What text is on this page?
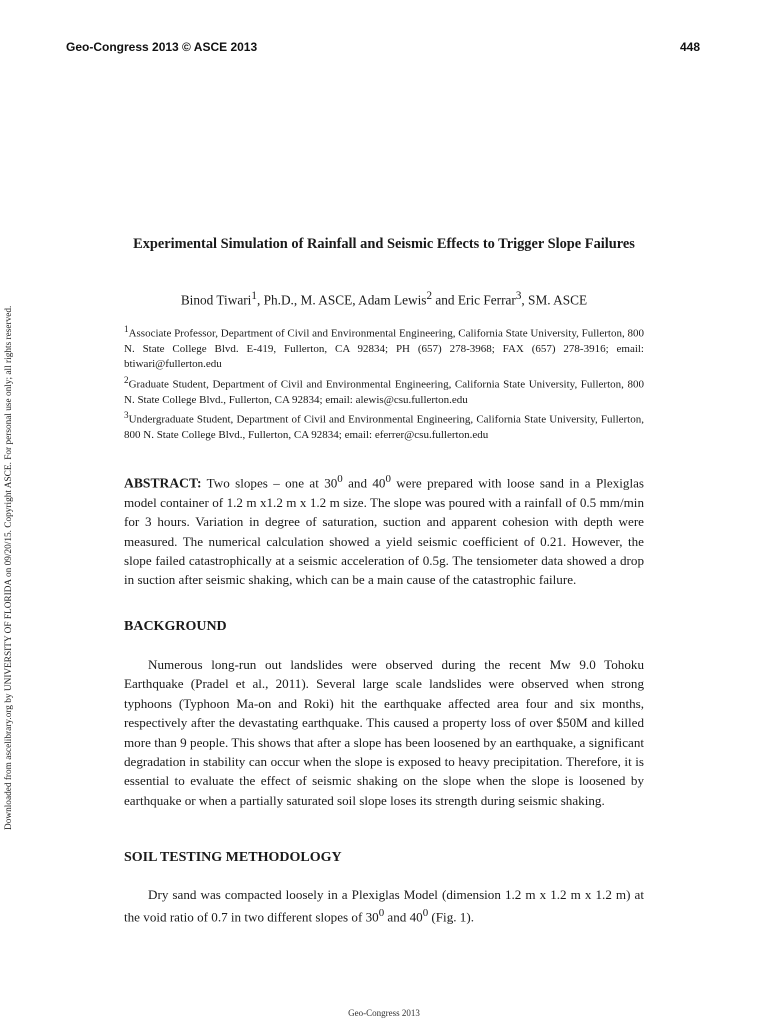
Geo-Congress 2013 © ASCE 2013	448
Downloaded from ascelibrary.org by UNIVERSITY OF FLORIDA on 09/20/15. Copyright ASCE. For personal use only; all rights reserved.
Experimental Simulation of Rainfall and Seismic Effects to Trigger Slope Failures
Binod Tiwari$^1$, Ph.D., M. ASCE, Adam Lewis$^2$ and Eric Ferrar$^3$, SM. ASCE

$^1$Associate Professor, Department of Civil and Environmental Engineering, California State University, Fullerton, 800 N. State College Blvd. E-419, Fullerton, CA 92834; PH (657) 278-3968; FAX (657) 278-3916; email: btiwari@fullerton.edu

$^2$Graduate Student, Department of Civil and Environmental Engineering, California State University, Fullerton, 800 N. State College Blvd., Fullerton, CA 92834; email: alewis@csu.fullerton.edu

$^3$Undergraduate Student, Department of Civil and Environmental Engineering, California State University, Fullerton, 800 N. State College Blvd., Fullerton, CA 92834; email: eferrer@csu.fullerton.edu

ABSTRACT: Two slopes – one at $30^0$ and $40^0$ were prepared with loose sand in a Plexiglas model container of 1.2 m x1.2 m x 1.2 m size. The slope was poured with a rainfall of 0.5 mm/min for 3 hours. Variation in degree of saturation, suction and apparent cohesion with depth were measured. The numerical calculation showed a yield seismic coefficient of 0.21. However, the slope failed catastrophically at a seismic acceleration of 0.5g. The tensiometer data showed a drop in suction after seismic shaking, which can be a main cause of the catastrophic failure.

BACKGROUND

Numerous long-run out landslides were observed during the recent Mw 9.0 Tohoku Earthquake (Pradel et al., 2011). Several large scale landslides were observed when strong typhoons (Typhoon Ma-on and Roki) hit the earthquake affected area four and six months, respectively after the devastating earthquake. This caused a property loss of over $50M and killed more than 9 people. This shows that after a slope has been loosened by an earthquake, a significant degradation in stability can occur when the slope is exposed to heavy precipitation. Therefore, it is essential to evaluate the effect of seismic shaking on the slope when the slope is loosened by earthquake or when a partially saturated soil slope loses its strength during seismic shaking.

SOIL TESTING METHODOLOGY

Dry sand was compacted loosely in a Plexiglas Model (dimension 1.2 m x 1.2 m x 1.2 m) at the void ratio of 0.7 in two different slopes of $30^0$ and $40^0$ (Fig. 1).

Geo-Congress 2013
